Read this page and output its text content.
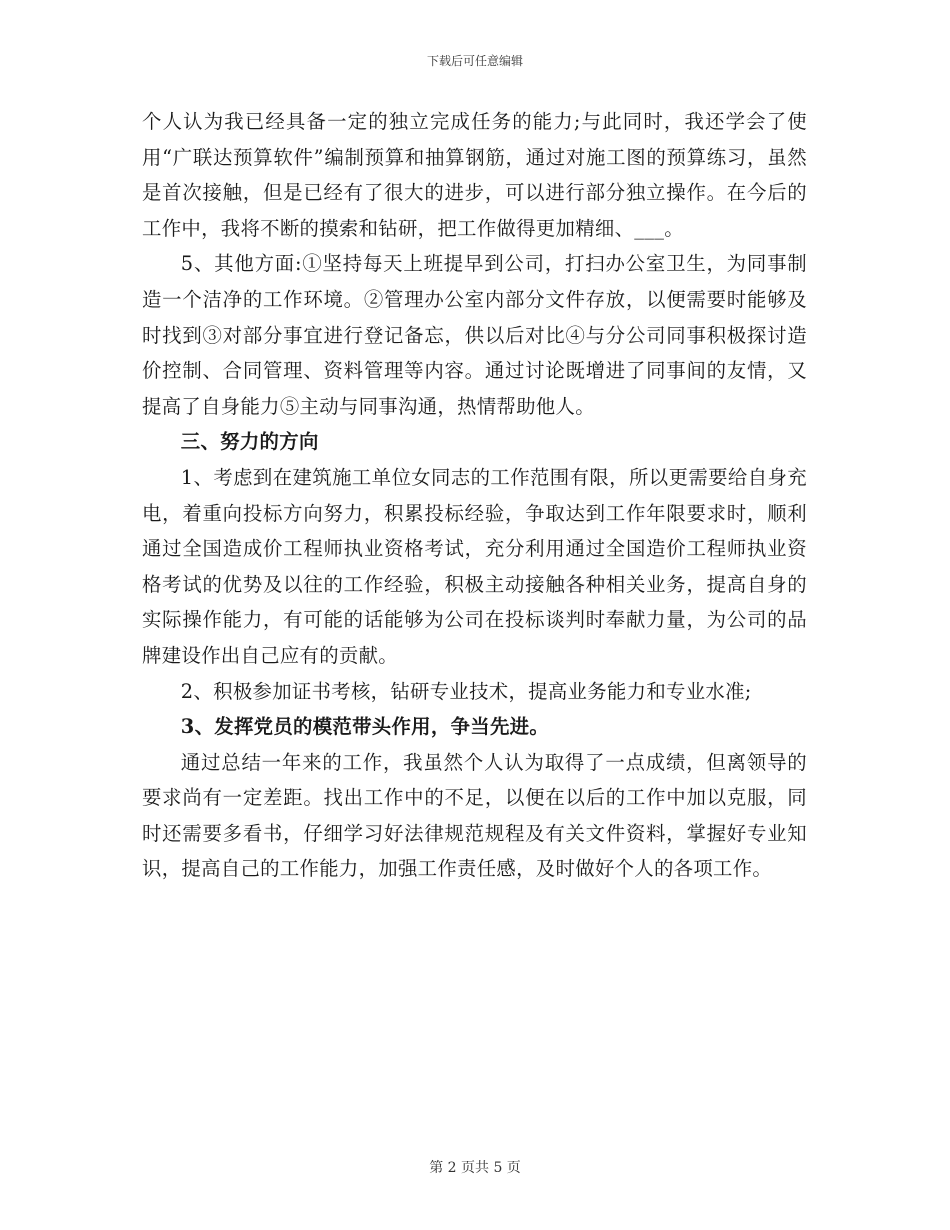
下载后可任意编辑

个人认为我已经具备一定的独立完成任务的能力;与此同时，我还学会了使用“广联达预算软件”编制预算和抽算钢筋，通过对施工图的预算练习，虽然是首次接触，但是已经有了很大的进步，可以进行部分独立操作。在今后的工作中，我将不断的摸索和钻研，把工作做得更加精细、___。

5、其他方面:①坚持每天上班提早到公司，打扫办公室卫生，为同事制造一个洁净的工作环境。②管理办公室内部分文件存放，以便需要时能够及时找到③对部分事宜进行登记备忘，供以后对比④与分公司同事积极探讨造价控制、合同管理、资料管理等内容。通过讨论既增进了同事间的友情，又提高了自身能力⑤主动与同事沟通，热情帮助他人。

三、努力的方向

1、考虑到在建筑施工单位女同志的工作范围有限，所以更需要给自身充电，着重向投标方向努力，积累投标经验，争取达到工作年限要求时，顺利通过全国造成价工程师执业资格考试，充分利用通过全国造价工程师执业资格考试的优势及以往的工作经验，积极主动接触各种相关业务，提高自身的实际操作能力，有可能的话能够为公司在投标谈判时奉献力量，为公司的品牌建设作出自己应有的贡献。

2、积极参加证书考核，钻研专业技术，提高业务能力和专业水准;

3、发挥党员的模范带头作用，争当先进。

通过总结一年来的工作，我虽然个人认为取得了一点成绩，但离领导的要求尚有一定差距。找出工作中的不足，以便在以后的工作中加以克服，同时还需要多看书，仔细学习好法律规范规程及有关文件资料，掌握好专业知识，提高自己的工作能力，加强工作责任感，及时做好个人的各项工作。

第 2 页共 5 页
